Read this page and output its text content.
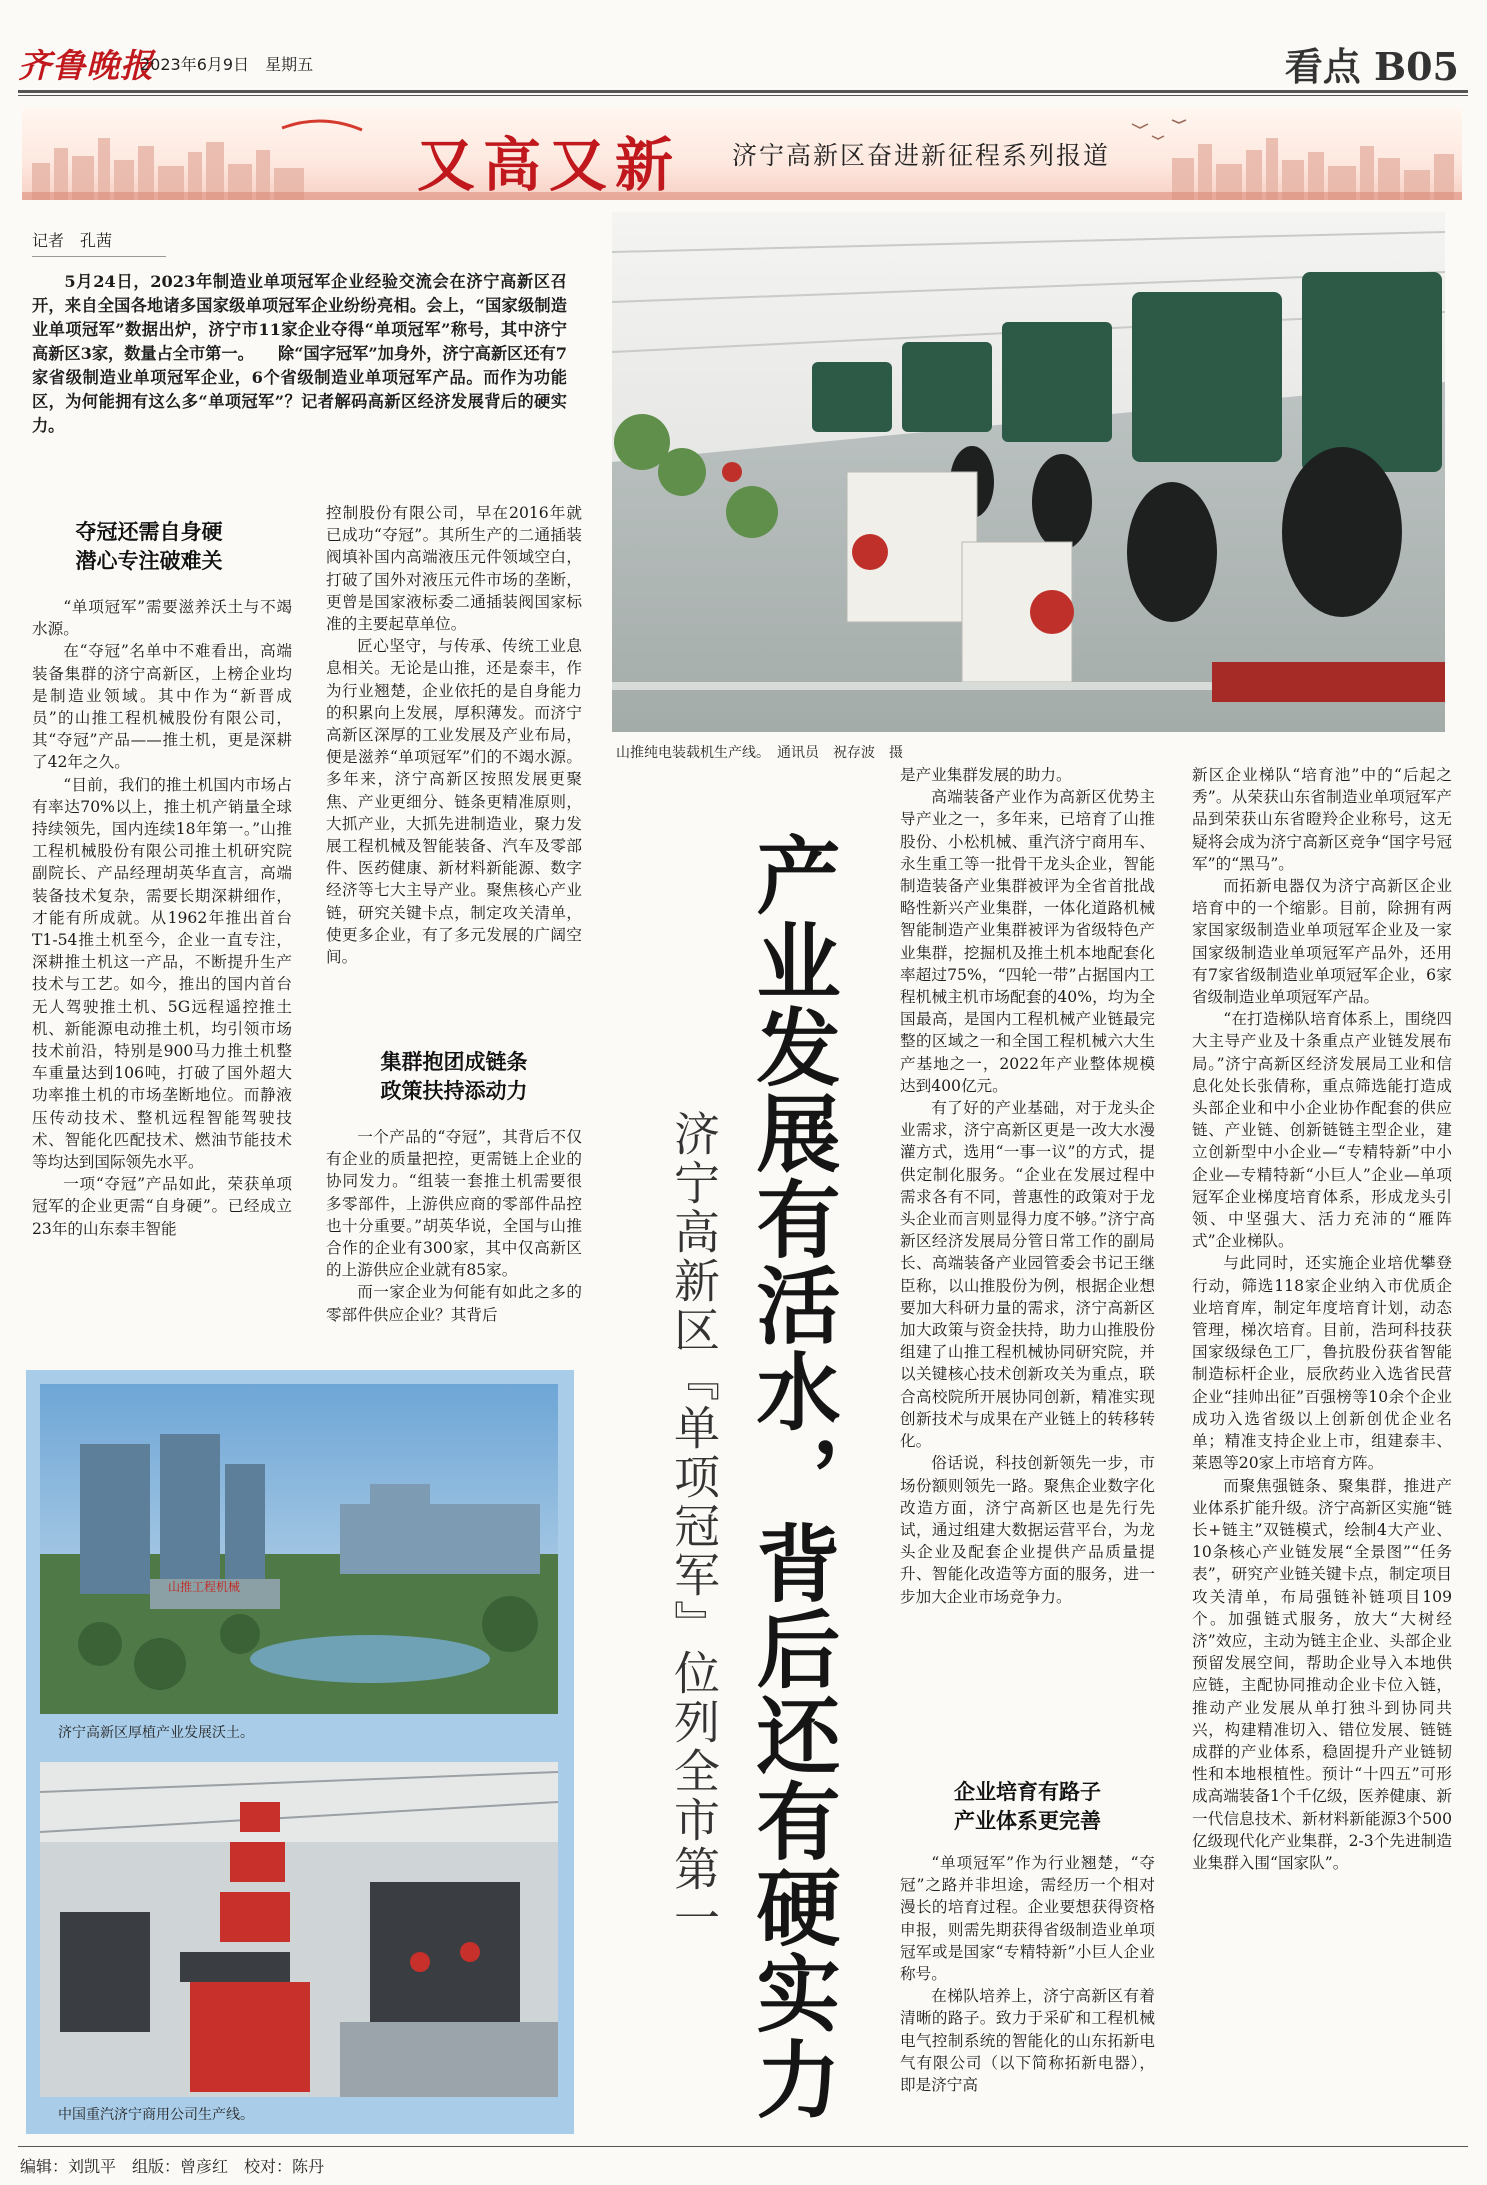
齐鲁晚报
2023年6月9日　星期五	看点 B05
又高又新 济宁高新区奋进新征程系列报道
记者　孔茜

5月24日，2023年制造业单项冠军企业经验交流会在济宁高新区召开，来自全国各地诸多国家级单项冠军企业纷纷亮相。会上，“国家级制造业单项冠军”数据出炉，济宁市11家企业夺得“单项冠军”称号，其中济宁高新区3家，数量占全市第一。　　除“国字冠军”加身外，济宁高新区还有7家省级制造业单项冠军企业，6个省级制造业单项冠军产品。而作为功能区，为何能拥有这么多“单项冠军”？记者解码高新区经济发展背后的硬实力。

山推纯电装载机生产线。　通讯员　祝存波　摄
夺冠还需自身硬
潜心专注破难关

“单项冠军”需要滋养沃土与不竭水源。

在“夺冠”名单中不难看出，高端装备集群的济宁高新区，上榜企业均是制造业领域。其中作为“新晋成员”的山推工程机械股份有限公司，其“夺冠”产品——推土机，更是深耕了42年之久。

“目前，我们的推土机国内市场占有率达70%以上，推土机产销量全球持续领先，国内连续18年第一。”山推工程机械股份有限公司推土机研究院副院长、产品经理胡英华直言，高端装备技术复杂，需要长期深耕细作，才能有所成就。从1962年推出首台T1-54推土机至今，企业一直专注，深耕推土机这一产品，不断提升生产技术与工艺。如今，推出的国内首台无人驾驶推土机、5G远程遥控推土机、新能源电动推土机，均引领市场技术前沿，特别是900马力推土机整车重量达到106吨，打破了国外超大功率推土机的市场垄断地位。而静液压传动技术、整机远程智能驾驶技术、智能化匹配技术、燃油节能技术等均达到国际领先水平。

一项“夺冠”产品如此，荣获单项冠军的企业更需“自身硬”。已经成立23年的山东泰丰智能

控制股份有限公司，早在2016年就已成功“夺冠”。其所生产的二通插装阀填补国内高端液压元件领域空白，打破了国外对液压元件市场的垄断，更曾是国家液标委二通插装阀国家标准的主要起草单位。

匠心坚守，与传承、传统工业息息相关。无论是山推，还是泰丰，作为行业翘楚，企业依托的是自身能力的积累向上发展，厚积薄发。而济宁高新区深厚的工业发展及产业布局，便是滋养“单项冠军”们的不竭水源。多年来，济宁高新区按照发展更聚焦、产业更细分、链条更精准原则，大抓产业，大抓先进制造业，聚力发展工程机械及智能装备、汽车及零部件、医药健康、新材料新能源、数字经济等七大主导产业。聚焦核心产业链，研究关键卡点，制定攻关清单，使更多企业，有了多元发展的广阔空间。

集群抱团成链条
政策扶持添动力

一个产品的“夺冠”，其背后不仅有企业的质量把控，更需链上企业的协同发力。“组装一套推土机需要很多零部件，上游供应商的零部件品控也十分重要。”胡英华说，全国与山推合作的企业有300家，其中仅高新区的上游供应企业就有85家。

而一家企业为何能有如此之多的零部件供应企业？其背后

山推工程机械
济宁高新区厚植产业发展沃土。
中国重汽济宁商用公司生产线。	产业发展有活水，背后还有硬实力
济宁高新区『单项冠军』位列全市第一

是产业集群发展的助力。

高端装备产业作为高新区优势主导产业之一，多年来，已培育了山推股份、小松机械、重汽济宁商用车、永生重工等一批骨干龙头企业，智能制造装备产业集群被评为全省首批战略性新兴产业集群，一体化道路机械智能制造产业集群被评为省级特色产业集群，挖掘机及推土机本地配套化率超过75%，“四轮一带”占据国内工程机械主机市场配套的40%，均为全国最高，是国内工程机械产业链最完整的区域之一和全国工程机械六大生产基地之一，2022年产业整体规模达到400亿元。

有了好的产业基础，对于龙头企业需求，济宁高新区更是一改大水漫灌方式，选用“一事一议”的方式，提供定制化服务。“企业在发展过程中需求各有不同，普惠性的政策对于龙头企业而言则显得力度不够。”济宁高新区经济发展局分管日常工作的副局长、高端装备产业园管委会书记王继臣称，以山推股份为例，根据企业想要加大科研力量的需求，济宁高新区加大政策与资金扶持，助力山推股份组建了山推工程机械协同研究院，并以关键核心技术创新攻关为重点，联合高校院所开展协同创新，精准实现创新技术与成果在产业链上的转移转化。

俗话说，科技创新领先一步，市场份额则领先一路。聚焦企业数字化改造方面，济宁高新区也是先行先试，通过组建大数据运营平台，为龙头企业及配套企业提供产品质量提升、智能化改造等方面的服务，进一步加大企业市场竞争力。

企业培育有路子
产业体系更完善

“单项冠军”作为行业翘楚，“夺冠”之路并非坦途，需经历一个相对漫长的培育过程。企业要想获得资格申报，则需先期获得省级制造业单项冠军或是国家“专精特新”小巨人企业称号。

在梯队培养上，济宁高新区有着清晰的路子。致力于采矿和工程机械电气控制系统的智能化的山东拓新电气有限公司（以下简称拓新电器），即是济宁高

新区企业梯队“培育池”中的“后起之秀”。从荣获山东省制造业单项冠军产品到荣获山东省瞪羚企业称号，这无疑将会成为济宁高新区竞争“国字号冠军”的“黑马”。

而拓新电器仅为济宁高新区企业培育中的一个缩影。目前，除拥有两家国家级制造业单项冠军企业及一家国家级制造业单项冠军产品外，还用有7家省级制造业单项冠军企业，6家省级制造业单项冠军产品。

“在打造梯队培育体系上，围绕四大主导产业及十条重点产业链发展布局。”济宁高新区经济发展局工业和信息化处长张倩称，重点筛选能打造成头部企业和中小企业协作配套的供应链、产业链、创新链链主型企业，建立创新型中小企业—“专精特新”中小企业—专精特新“小巨人”企业—单项冠军企业梯度培育体系，形成龙头引领、中坚强大、活力充沛的“雁阵式”企业梯队。

与此同时，还实施企业培优攀登行动，筛选118家企业纳入市优质企业培育库，制定年度培育计划，动态管理，梯次培育。目前，浩珂科技获国家级绿色工厂，鲁抗股份获省智能制造标杆企业，辰欣药业入选省民营企业“挂帅出征”百强榜等10余个企业成功入选省级以上创新创优企业名单；精准支持企业上市，组建泰丰、莱恩等20家上市培育方阵。

而聚焦强链条、聚集群，推进产业体系扩能升级。济宁高新区实施“链长+链主”双链模式，绘制4大产业、10条核心产业链发展“全景图”“任务表”，研究产业链关键卡点，制定项目攻关清单，布局强链补链项目109个。加强链式服务，放大“大树经济”效应，主动为链主企业、头部企业预留发展空间，帮助企业导入本地供应链，主配协同推动企业卡位入链，推动产业发展从单打独斗到协同共兴，构建精准切入、错位发展、链链成群的产业体系，稳固提升产业链韧性和本地根植性。预计“十四五”可形成高端装备1个千亿级，医养健康、新一代信息技术、新材料新能源3个500亿级现代化产业集群，2-3个先进制造业集群入围“国家队”。

编辑：刘凯平　组版：曾彦红　校对：陈丹
